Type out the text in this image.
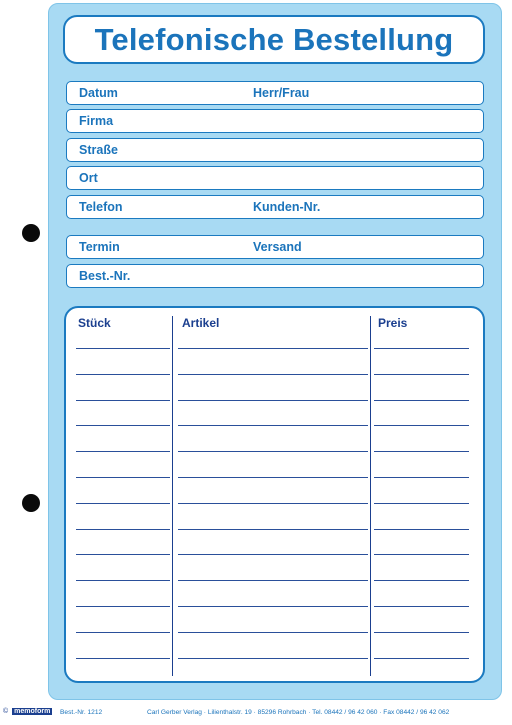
Telefonische Bestellung
Datum	Herr/Frau
Firma
Straße
Ort
Telefon	Kunden-Nr.
Termin	Versand
Best.-Nr.
Stück	Artikel	Preis
© memoform	Best.-Nr. 1212	Carl Gerber Verlag · Lilienthalstr. 19 · 85296 Rohrbach · Tel. 08442 / 96 42 060 · Fax 08442 / 96 42 062
